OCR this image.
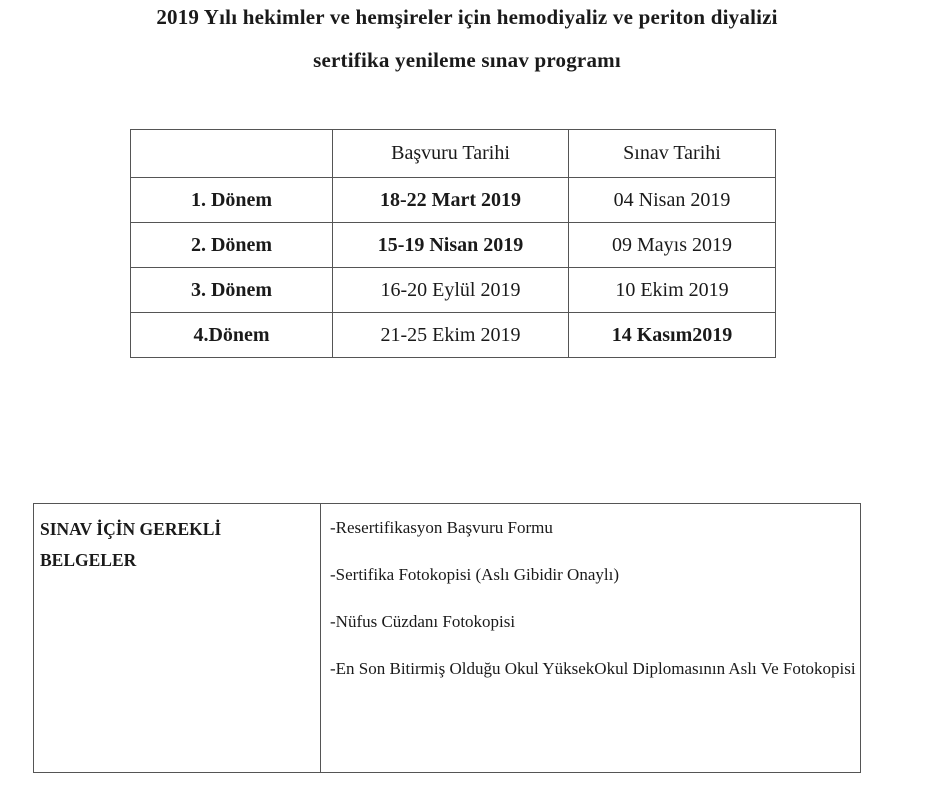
2019 Yılı hekimler ve hemşireler için hemodiyaliz ve periton diyalizi
sertifika yenileme sınav programı
	Başvuru Tarihi	Sınav Tarihi
1. Dönem	18-22 Mart 2019	04 Nisan 2019
2. Dönem	15-19 Nisan 2019	09 Mayıs 2019
3. Dönem	16-20 Eylül 2019	10 Ekim 2019
4.Dönem	21-25 Ekim 2019	14 Kasım2019
SINAV İÇİN GEREKLİ
BELGELER
-Resertifikasyon Başvuru Formu
-Sertifika Fotokopisi (Aslı Gibidir Onaylı)
-Nüfus Cüzdanı Fotokopisi
-En Son Bitirmiş Olduğu Okul YüksekOkul Diplomasının Aslı Ve Fotokopisi
